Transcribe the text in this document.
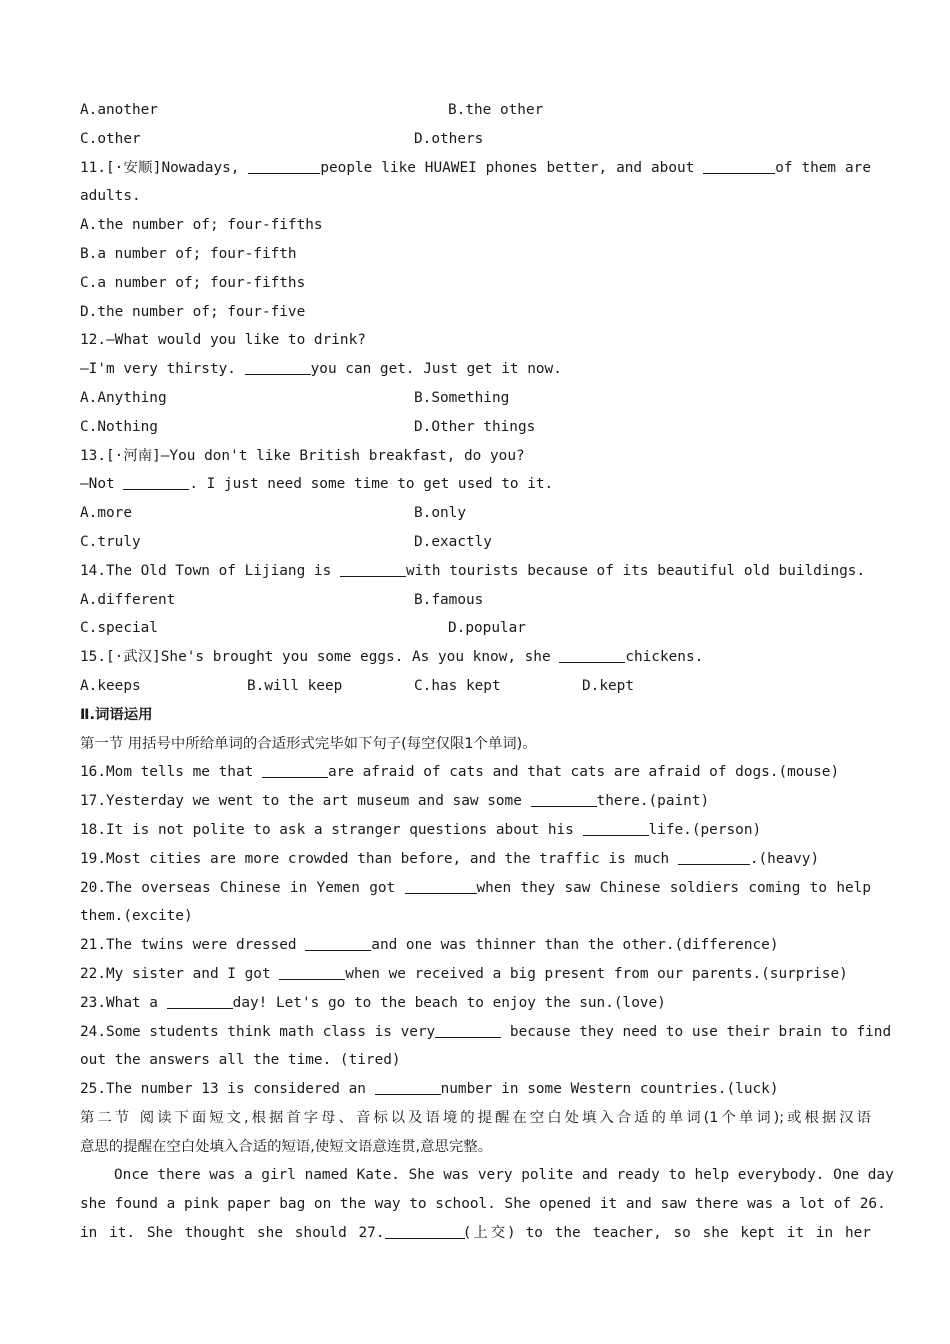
A.another	B.the other
C.other	D.others
11.[·安顺]Nowadays,	people like HUAWEI phones better, and about	of them are
adults.
A.the number of; four-fifths
B.a number of; four-fifth
C.a number of; four-fifths
D.the number of; four-five
12.—What would you like to drink?
—I'm very thirsty.	you can get. Just get it now.
A.Anything	B.Something
C.Nothing	D.Other things
13.[·河南]—You don't like British breakfast, do you?
—Not	. I just need some time to get used to it.
A.more	B.only
C.truly	D.exactly
14.The Old Town of Lijiang is	with tourists because of its beautiful old buildings.
A.different	B.famous
C.special	D.popular
15.[·武汉]She's brought you some eggs. As you know, she	chickens.
A.keeps	B.will keep	C.has kept	D.kept
Ⅱ.词语运用
第一节 用括号中所给单词的合适形式完毕如下句子(每空仅限1个单词)。
16.Mom tells me that	are afraid of cats and that cats are afraid of dogs.(mouse)
17.Yesterday we went to the art museum and saw some	there.(paint)
18.It is not polite to ask a stranger questions about his	life.(person)
19.Most cities are more crowded than before, and the traffic is much	.(heavy)
20.The overseas Chinese in Yemen got	when they saw Chinese soldiers coming to help
them.(excite)
21.The twins were dressed	and one was thinner than the other.(difference)
22.My sister and I got	when we received a big present from our parents.(surprise)
23.What a	day! Let's go to the beach to enjoy the sun.(love)
24.Some students think math class is very	because they need to use their brain to find
out the answers all the time. (tired)
25.The number 13 is considered an	number in some Western countries.(luck)
第二节 阅读下面短文,根据首字母、音标以及语境的提醒在空白处填入合适的单词(1个单词);或根据汉语
意思的提醒在空白处填入合适的短语,使短文语意连贯,意思完整。
Once there was a girl named Kate. She was very polite and ready to help everybody. One day
she found a pink paper bag on the way to school. She opened it and saw there was a lot of 26.
in it. She thought she should 27.	(上交) to the teacher, so she kept it in her
